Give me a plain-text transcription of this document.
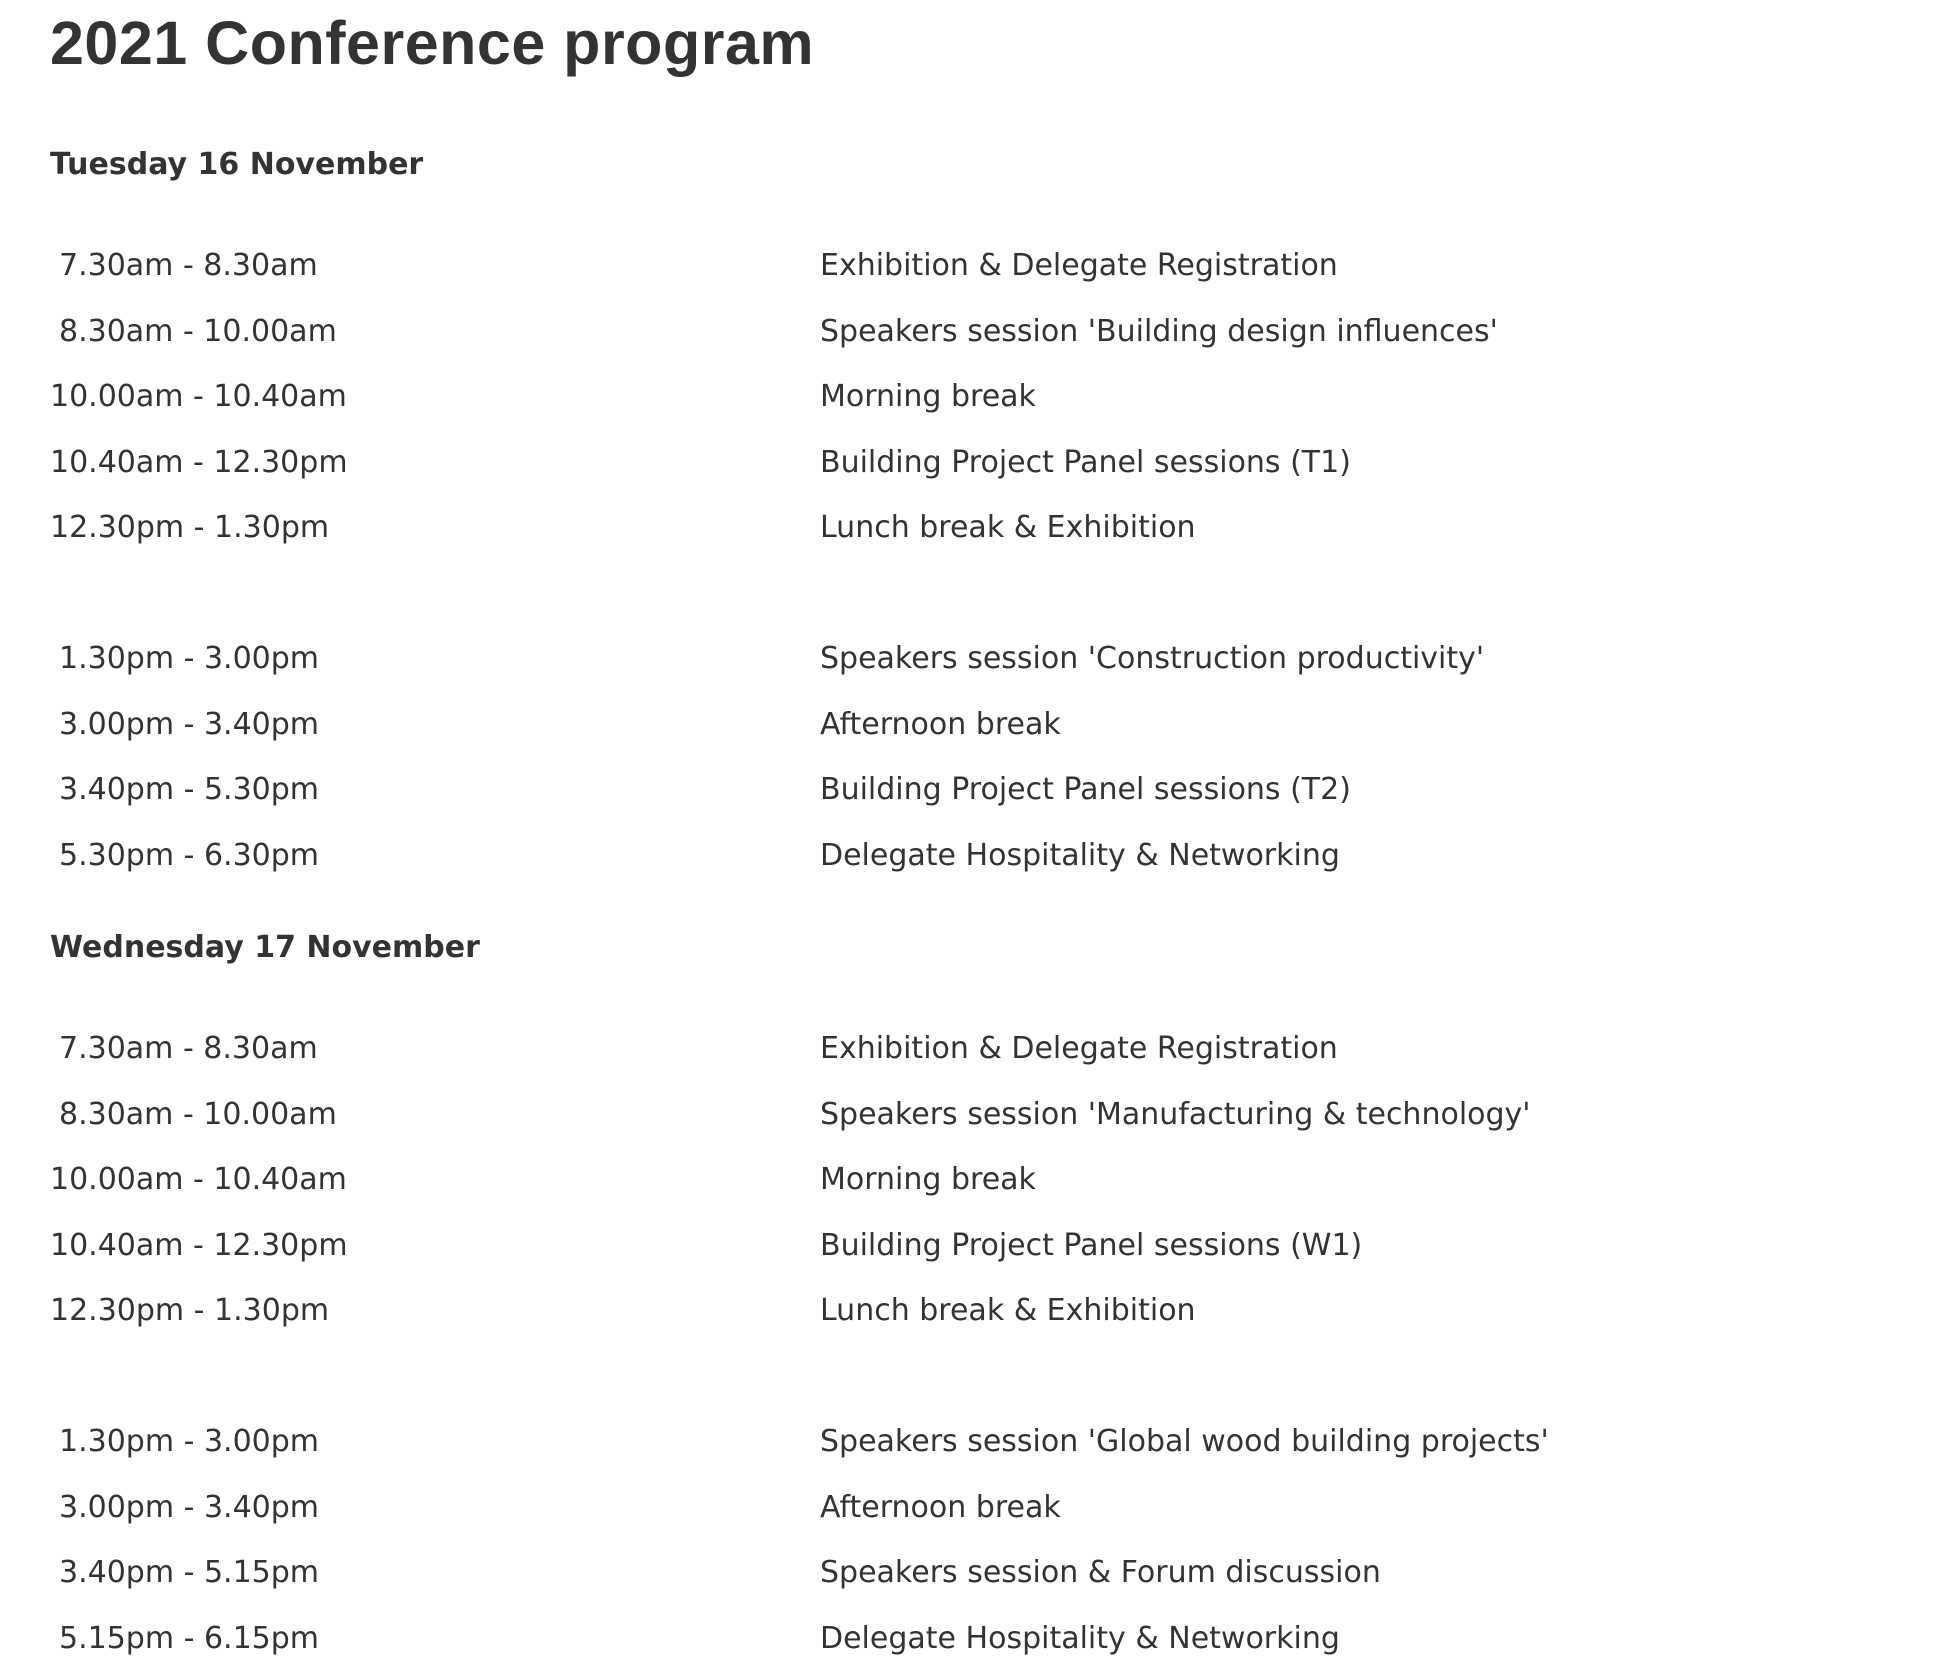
2021 Conference program
Tuesday 16 November
7.30am - 8.30am	Exhibition & Delegate Registration
8.30am - 10.00am	Speakers session 'Building design influences'
10.00am - 10.40am	Morning break
10.40am - 12.30pm	Building Project Panel sessions (T1)
12.30pm - 1.30pm	Lunch break & Exhibition
1.30pm - 3.00pm	Speakers session 'Construction productivity'
3.00pm - 3.40pm	Afternoon break
3.40pm - 5.30pm	Building Project Panel sessions (T2)
5.30pm - 6.30pm	Delegate Hospitality & Networking
Wednesday 17 November
7.30am - 8.30am	Exhibition & Delegate Registration
8.30am - 10.00am	Speakers session 'Manufacturing & technology'
10.00am - 10.40am	Morning break
10.40am - 12.30pm	Building Project Panel sessions (W1)
12.30pm - 1.30pm	Lunch break & Exhibition
1.30pm - 3.00pm	Speakers session 'Global wood building projects'
3.00pm - 3.40pm	Afternoon break
3.40pm - 5.15pm	Speakers session & Forum discussion
5.15pm - 6.15pm	Delegate Hospitality & Networking
